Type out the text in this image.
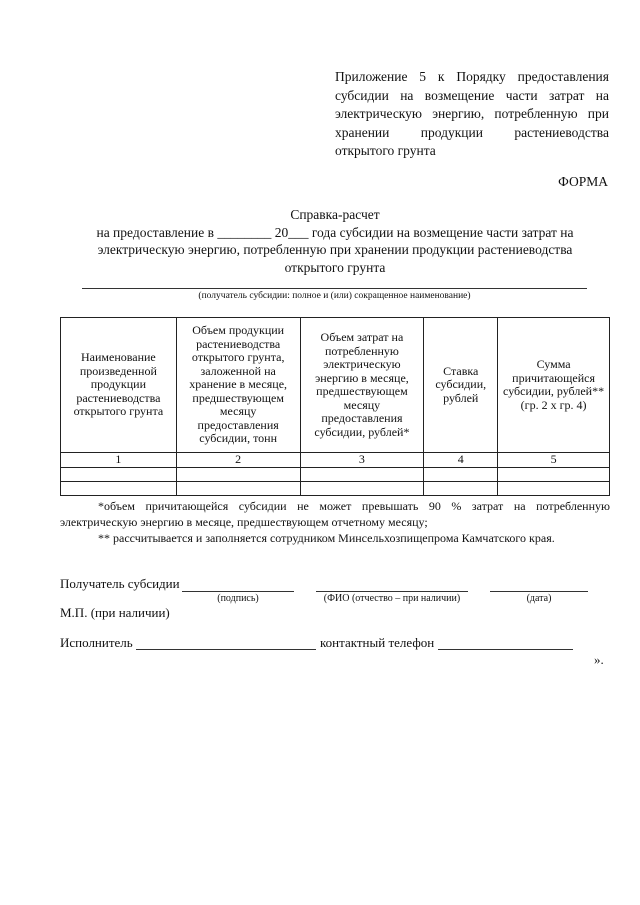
Приложение 5 к Порядку предоставления субсидии на возмещение части затрат на электрическую энергию, потребленную при хранении продукции растениеводства открытого грунта
ФОРМА
Справка-расчет
на предоставление в ________ 20___ года субсидии на возмещение части затрат на
электрическую энергию, потребленную при хранении продукции растениеводства
открытого грунта
(получатель субсидии: полное и (или) сокращенное наименование)
Наименование произведенной продукции растениеводства открытого грунта	Объем продукции растениеводства открытого грунта, заложенной на хранение в месяце, предшествующем месяцу предоставления субсидии, тонн	Объем затрат на потребленную электрическую энергию в месяце, предшествующем месяцу предоставления субсидии, рублей*	Ставка субсидии, рублей	Сумма причитающейся субсидии, рублей** (гр. 2 х гр. 4)
1	2	3	4	5

*объем причитающейся субсидии не может превышать 90 % затрат на потребленную электрическую энергию в месяце, предшествующем отчетному месяцу;

** рассчитывается и заполняется сотрудником Минсельхозпищепрома Камчатского края.

Получатель субсидии
(подпись)	(ФИО (отчество – при наличии)	(дата)
М.П. (при наличии)
Исполнитель	контактный телефон
».
